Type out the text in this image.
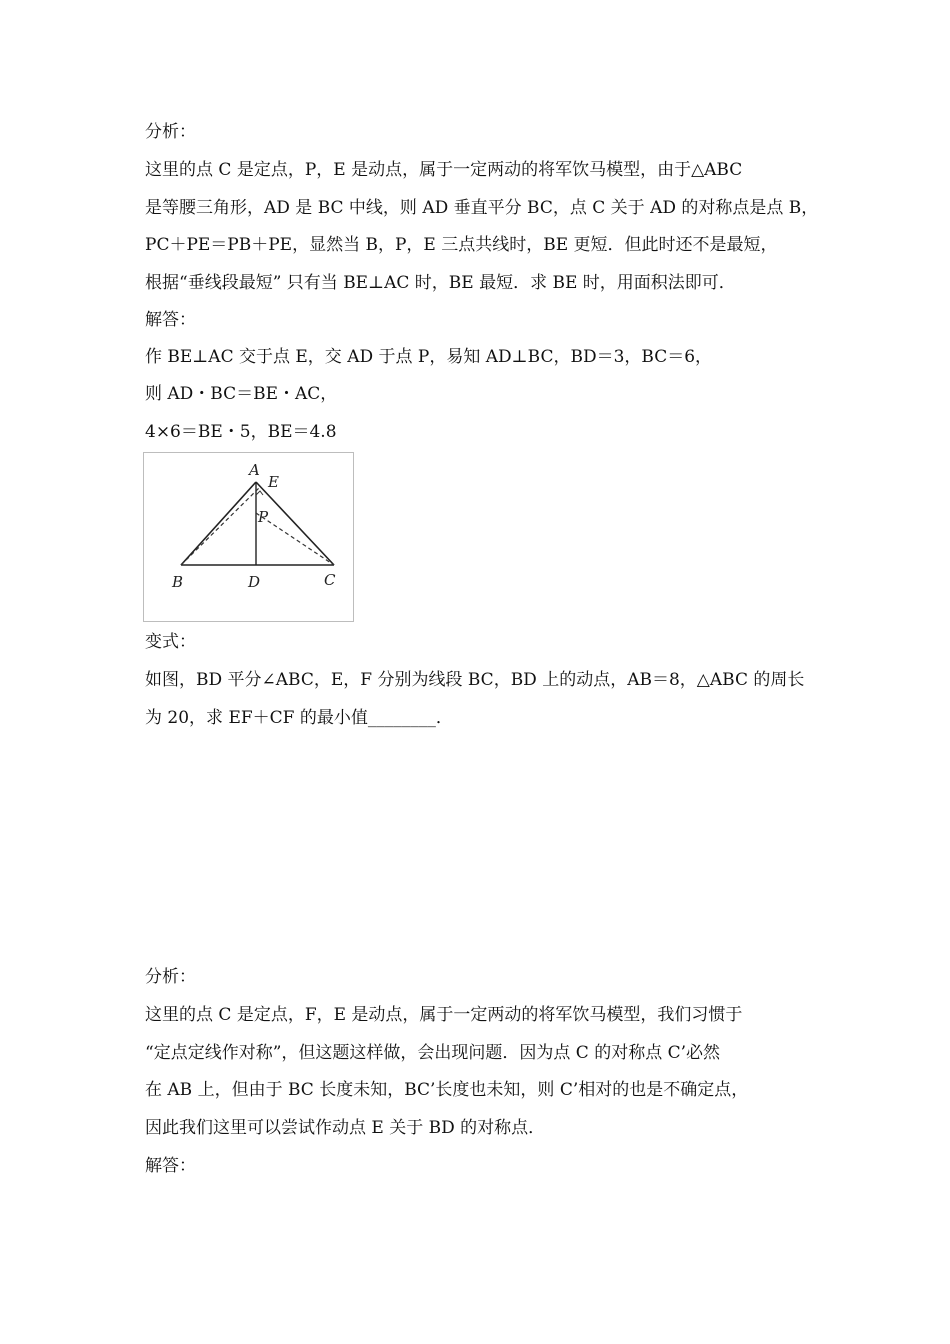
分析：

这里的点 C 是定点，P，E 是动点，属于一定两动的将军饮马模型，由于△ABC

是等腰三角形，AD 是 BC 中线，则 AD 垂直平分 BC，点 C 关于 AD 的对称点是点 B，

PC＋PE＝PB＋PE，显然当 B，P，E 三点共线时，BE 更短．但此时还不是最短，

根据“垂线段最短” 只有当 BE⊥AC 时，BE 最短．求 BE 时，用面积法即可．

解答：

作 BE⊥AC 交于点 E，交 AD 于点 P，易知 AD⊥BC，BD＝3，BC＝6，

则 AD・BC＝BE・AC，

4×6＝BE・5，BE＝4.8

A
E
P
B	D	C

变式：

如图，BD 平分∠ABC，E，F 分别为线段 BC，BD 上的动点，AB＝8，△ABC 的周长

为 20，求 EF＋CF 的最小值________．

分析：

这里的点 C 是定点，F，E 是动点，属于一定两动的将军饮马模型，我们习惯于

“定点定线作对称”，但这题这样做，会出现问题．因为点 C 的对称点 C’必然

在 AB 上，但由于 BC 长度未知，BC’长度也未知，则 C’相对的也是不确定点，

因此我们这里可以尝试作动点 E 关于 BD 的对称点．

解答：
